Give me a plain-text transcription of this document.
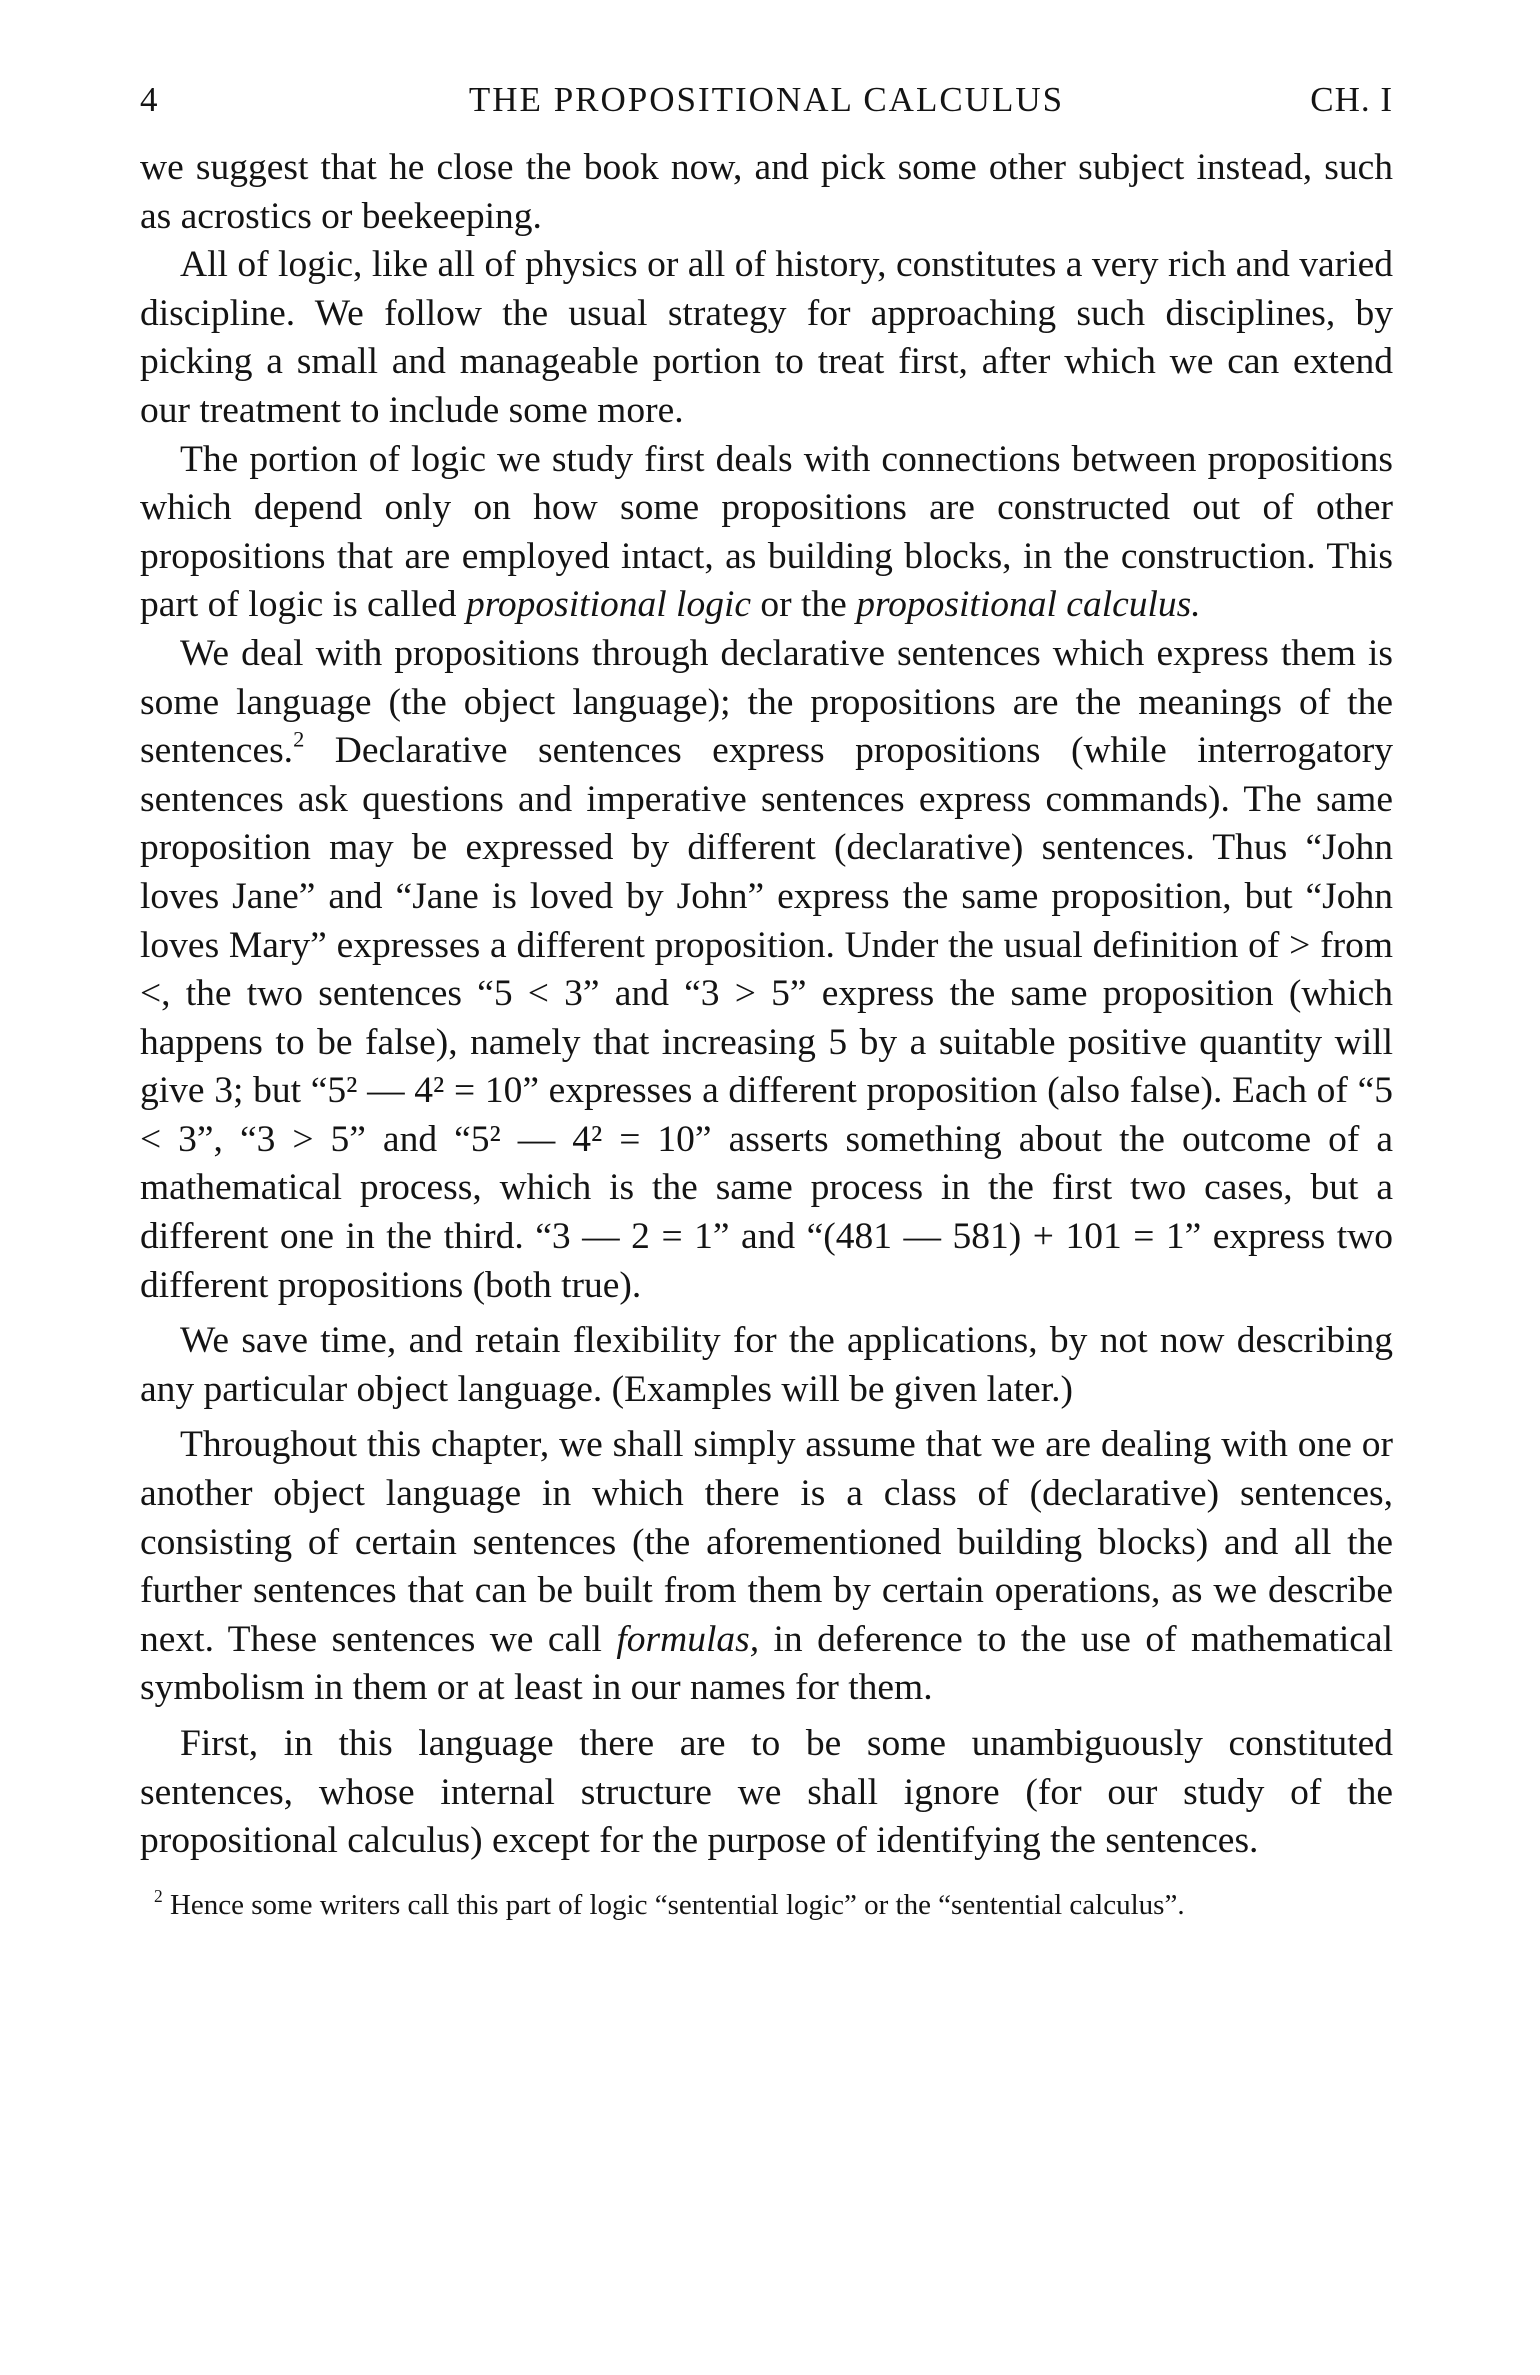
4	THE PROPOSITIONAL CALCULUS	CH. I

we suggest that he close the book now, and pick some other subject instead, such as acrostics or beekeeping.

All of logic, like all of physics or all of history, constitutes a very rich and varied discipline. We follow the usual strategy for approaching such disciplines, by picking a small and manageable portion to treat first, after which we can extend our treatment to include some more.

The portion of logic we study first deals with connections between propositions which depend only on how some propositions are constructed out of other propositions that are employed intact, as building blocks, in the construction. This part of logic is called propositional logic or the propositional calculus.

We deal with propositions through declarative sentences which express them is some language (the object language); the propositions are the meanings of the sentences.$^2$ Declarative sentences express propositions (while interrogatory sentences ask questions and imperative sentences express commands). The same proposition may be expressed by different (declarative) sentences. Thus “John loves Jane” and “Jane is loved by John” express the same proposition, but “John loves Mary” expresses a different proposition. Under the usual definition of > from <, the two sentences “5 < 3” and “3 > 5” express the same proposition (which happens to be false), namely that increasing 5 by a suitable positive quantity will give 3; but “5² — 4² = 10” expresses a different proposition (also false). Each of “5 < 3”, “3 > 5” and “5² — 4² = 10” asserts something about the outcome of a mathematical process, which is the same process in the first two cases, but a different one in the third. “3 — 2 = 1” and “(481 — 581) + 101 = 1” express two different propositions (both true).

We save time, and retain flexibility for the applications, by not now describing any particular object language. (Examples will be given later.)

Throughout this chapter, we shall simply assume that we are dealing with one or another object language in which there is a class of (declarative) sentences, consisting of certain sentences (the aforementioned building blocks) and all the further sentences that can be built from them by certain operations, as we describe next. These sentences we call formulas, in deference to the use of mathematical symbolism in them or at least in our names for them.

First, in this language there are to be some unambiguously constituted sentences, whose internal structure we shall ignore (for our study of the propositional calculus) except for the purpose of identifying the sentences.

$^2$ Hence some writers call this part of logic “sentential logic” or the “sentential calculus”.
